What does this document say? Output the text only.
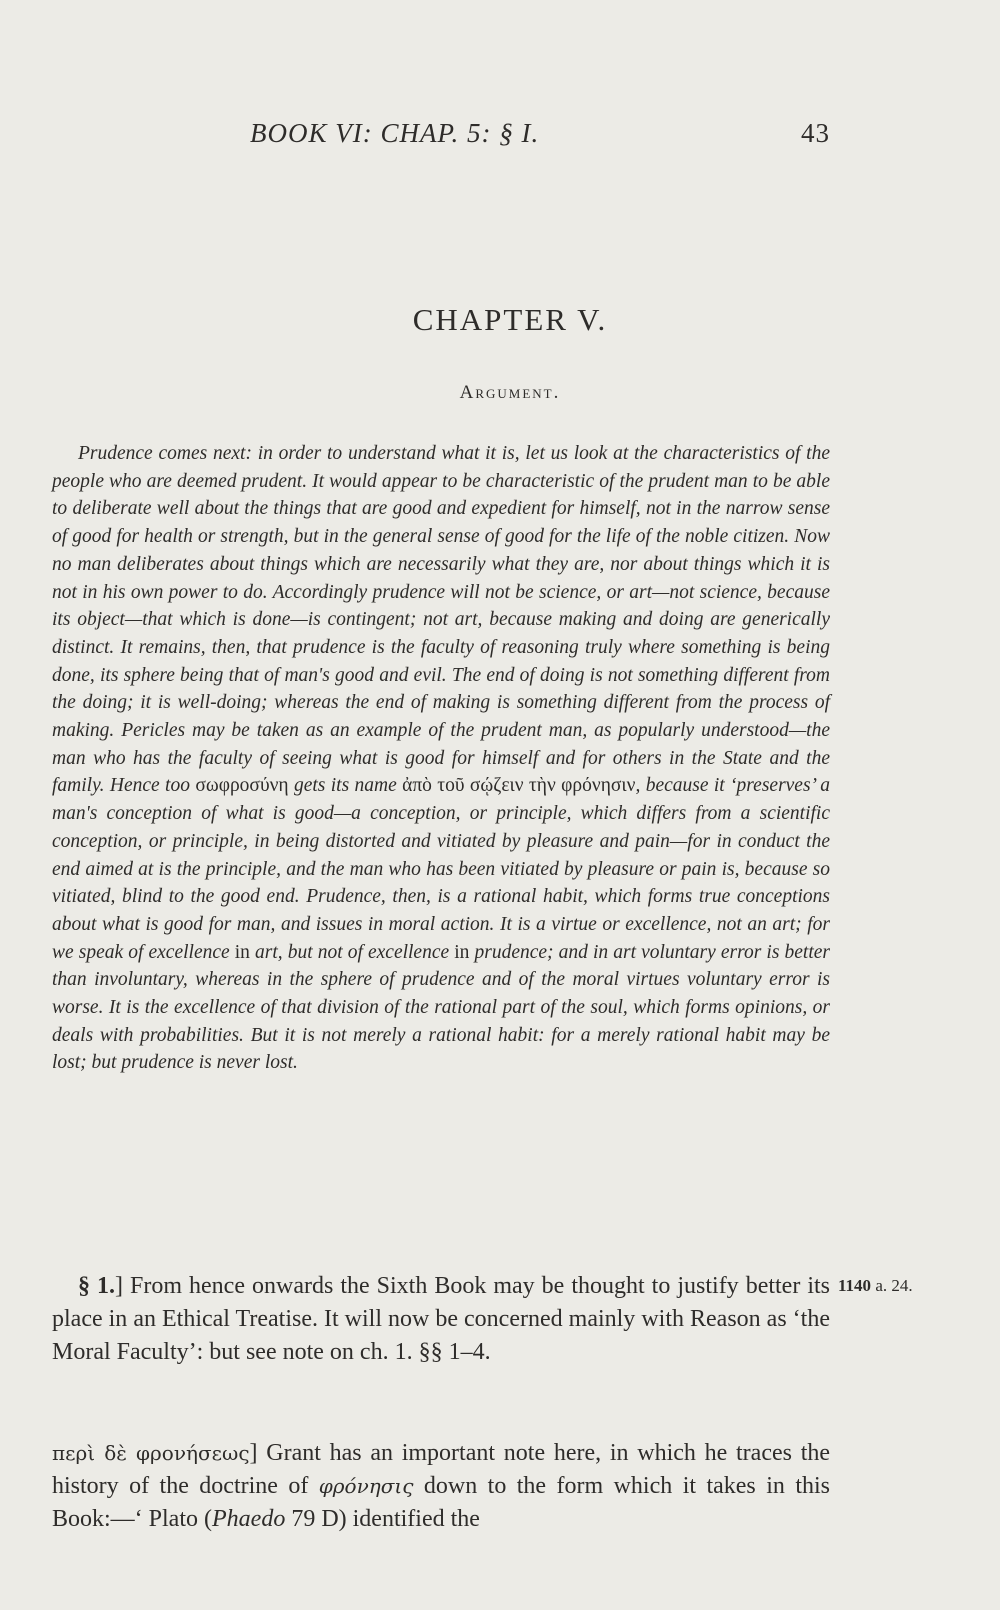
BOOK VI: CHAP. 5: § I.	43
CHAPTER V.
Argument.

Prudence comes next: in order to understand what it is, let us look at the characteristics of the people who are deemed prudent. It would appear to be characteristic of the prudent man to be able to deliberate well about the things that are good and expedient for himself, not in the narrow sense of good for health or strength, but in the general sense of good for the life of the noble citizen. Now no man deliberates about things which are necessarily what they are, nor about things which it is not in his own power to do. Accordingly prudence will not be science, or art—not science, because its object—that which is done—is contingent; not art, because making and doing are generically distinct. It remains, then, that prudence is the faculty of reasoning truly where something is being done, its sphere being that of man's good and evil. The end of doing is not something different from the doing; it is well-doing; whereas the end of making is something different from the process of making. Pericles may be taken as an example of the prudent man, as popularly understood—the man who has the faculty of seeing what is good for himself and for others in the State and the family. Hence too σωφροσύνη gets its name ἀπὸ τοῦ σῴζειν τὴν φρόνησιν, because it ‘preserves’ a man's conception of what is good—a conception, or principle, which differs from a scientific conception, or principle, in being distorted and vitiated by pleasure and pain—for in conduct the end aimed at is the principle, and the man who has been vitiated by pleasure or pain is, because so vitiated, blind to the good end. Prudence, then, is a rational habit, which forms true conceptions about what is good for man, and issues in moral action. It is a virtue or excellence, not an art; for we speak of excellence in art, but not of excellence in prudence; and in art voluntary error is better than involuntary, whereas in the sphere of prudence and of the moral virtues voluntary error is worse. It is the excellence of that division of the rational part of the soul, which forms opinions, or deals with probabilities. But it is not merely a rational habit: for a merely rational habit may be lost; but prudence is never lost.

§ 1.] From hence onwards the Sixth Book may be thought to justify better its place in an Ethical Treatise. It will now be concerned mainly with Reason as ‘the Moral Faculty’: but see note on ch. 1. §§ 1–4.

1140 a. 24.

περὶ δὲ φρονήσεως] Grant has an important note here, in which he traces the history of the doctrine of φρόνησις down to the form which it takes in this Book:—‘ Plato (Phaedo 79 D) identified the
